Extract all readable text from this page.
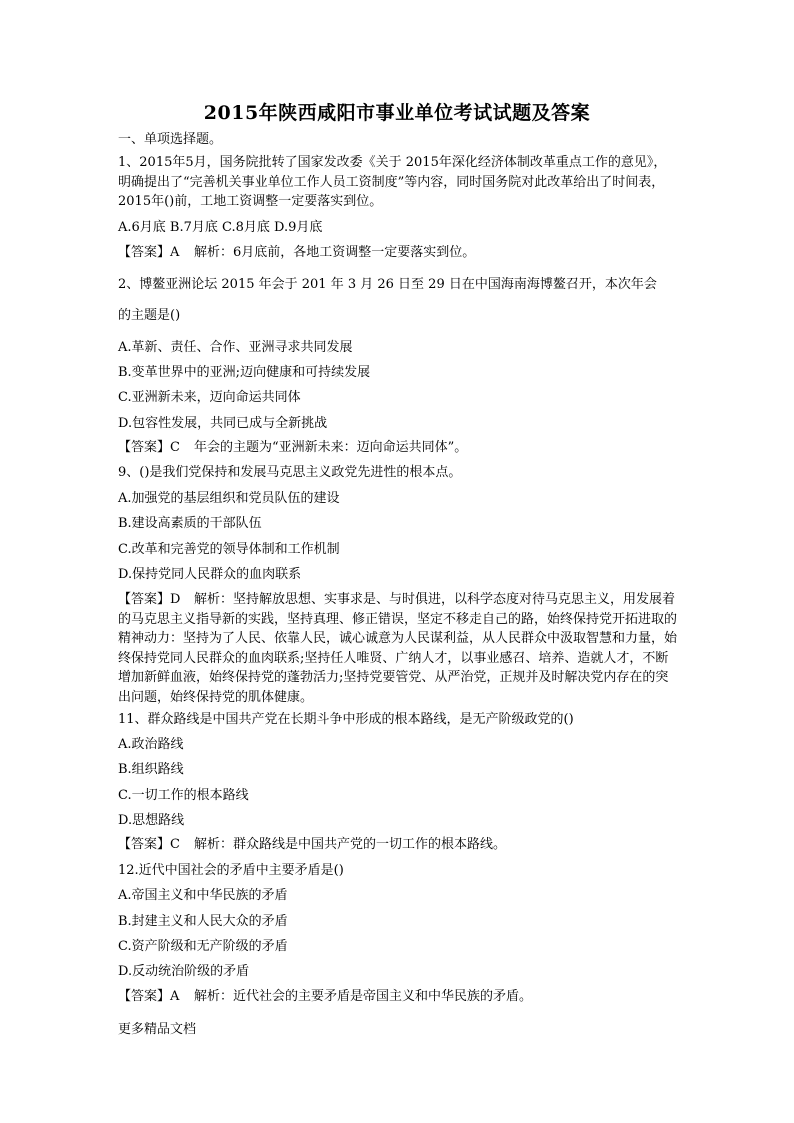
2015年陕西咸阳市事业单位考试试题及答案
一、单项选择题。
1、2015年5月，国务院批转了国家发改委《关于 2015年深化经济体制改革重点工作的意见》，明确提出了“完善机关事业单位工作人员工资制度”等内容，同时国务院对此改革给出了时间表，2015年()前，工地工资调整一定要落实到位。
A.6月底 B.7月底 C.8月底 D.9月底
【答案】A 解析：6月底前，各地工资调整一定要落实到位。
2、博鳌亚洲论坛 2015 年会于 201 年 3 月 26 日至 29 日在中国海南海博鳌召开，本次年会
的主题是()
A.革新、责任、合作、亚洲寻求共同发展
B.变革世界中的亚洲;迈向健康和可持续发展
C.亚洲新未来，迈向命运共同体
D.包容性发展，共同已成与全新挑战
【答案】C 年会的主题为“亚洲新未来：迈向命运共同体”。
9、()是我们党保持和发展马克思主义政党先进性的根本点。
A.加强党的基层组织和党员队伍的建设
B.建设高素质的干部队伍
C.改革和完善党的领导体制和工作机制
D.保持党同人民群众的血肉联系
【答案】D 解析：坚持解放思想、实事求是、与时俱进，以科学态度对待马克思主义，用发展着的马克思主义指导新的实践，坚持真理、修正错误，坚定不移走自己的路，始终保持党开拓进取的精神动力：坚持为了人民、依靠人民，诚心诚意为人民谋利益，从人民群众中汲取智慧和力量，始终保持党同人民群众的血肉联系;坚持任人唯贤、广纳人才，以事业感召、培养、造就人才，不断增加新鲜血液，始终保持党的蓬勃活力;坚持党要管党、从严治党，正规并及时解决党内存在的突出问题，始终保持党的肌体健康。
11、群众路线是中国共产党在长期斗争中形成的根本路线，是无产阶级政党的()
A.政治路线
B.组织路线
C.一切工作的根本路线
D.思想路线
【答案】C 解析：群众路线是中国共产党的一切工作的根本路线。
12.近代中国社会的矛盾中主要矛盾是()
A.帝国主义和中华民族的矛盾
B.封建主义和人民大众的矛盾
C.资产阶级和无产阶级的矛盾
D.反动统治阶级的矛盾
【答案】A 解析：近代社会的主要矛盾是帝国主义和中华民族的矛盾。
更多精品文档
